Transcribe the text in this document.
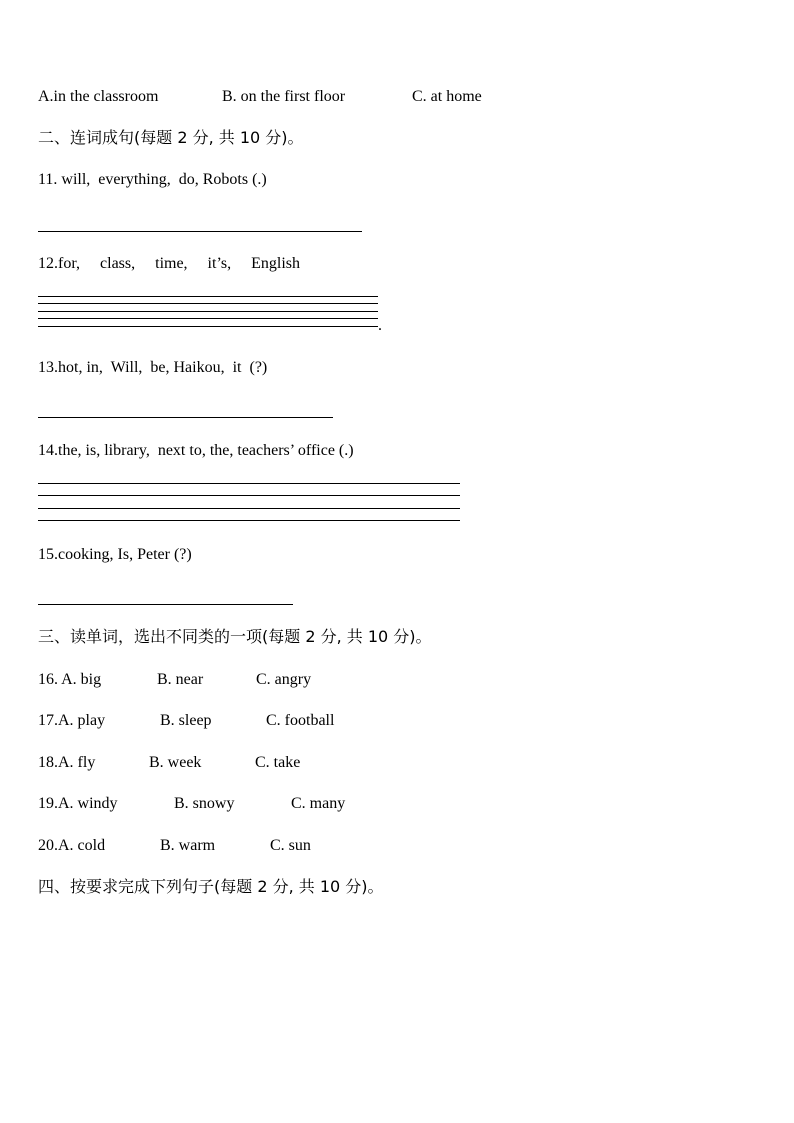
A.in the classroom	B. on the first floor	C. at home
二、连词成句(每题 2 分, 共 10 分)。
11. will,  everything,  do, Robots (.)
12.for,     class,     time,     it’s,     English
.
13.hot, in,  Will,  be, Haikou,  it  (?)
14.the, is, library,  next to, the, teachers’ office (.)
15.cooking, Is, Peter (?)
三、读单词，选出不同类的一项(每题 2 分, 共 10 分)。
16. A. big	B. near	C. angry
17.A. play	B. sleep	C. football
18.A. fly	B. week	C. take
19.A. windy	B. snowy	C. many
20.A. cold	B. warm	C. sun
四、按要求完成下列句子(每题 2 分, 共 10 分)。
